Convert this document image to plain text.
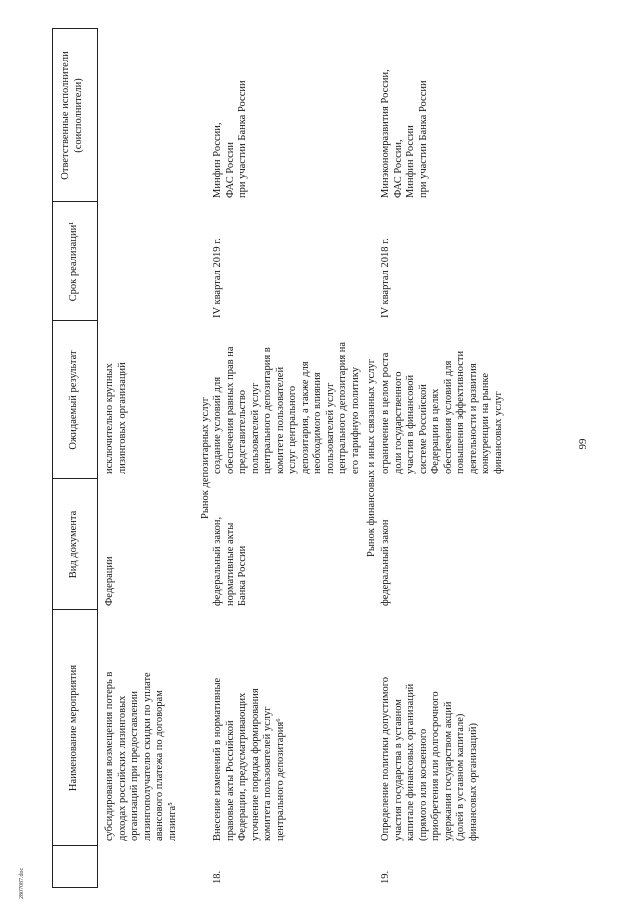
99
2807087.doc
Наименование мероприятия
Вид документа
Ожидаемый результат
Срок реализации¹
Ответственные исполнители
(соисполнители)
субсидирования возмещения потерь в
доходах российских лизинговых
организаций при предоставлении
лизингополучателю скидки по уплате
авансового платежа по договорам
лизинга⁵
Федерации
исключительно крупных
лизинговых организаций
Рынок депозитарных услуг
18.
Внесение изменений в нормативные
правовые акты Российской
Федерации, предусматривающих
уточнение порядка формирования
комитета пользователей услуг
центрального депозитария⁶
федеральный закон,
нормативные акты
Банка России
создание условий для
обеспечения равных прав на
представительство
пользователей услуг
центрального депозитария в
комитете пользователей
услуг центрального
депозитария, а также для
необходимого влияния
пользователей услуг
центрального депозитария на
его тарифную политику
IV квартал 2019 г.
Минфин России,
ФАС России
при участии Банка России
Рынок финансовых и иных связанных услуг
19.
Определение политики допустимого
участия государства в уставном
капитале финансовых организаций
(прямого или косвенного
приобретения или долгосрочного
удержания государством акций
(долей в уставном капитале)
финансовых организаций)
федеральный закон
ограничение в целом роста
доли государственного
участия в финансовой
системе Российской
Федерации в целях
обеспечения условий для
повышения эффективности
деятельности и развития
конкуренции на рынке
финансовых услуг
IV квартал 2018 г.
Минэкономразвития России,
ФАС России,
Минфин России
при участии Банка России
